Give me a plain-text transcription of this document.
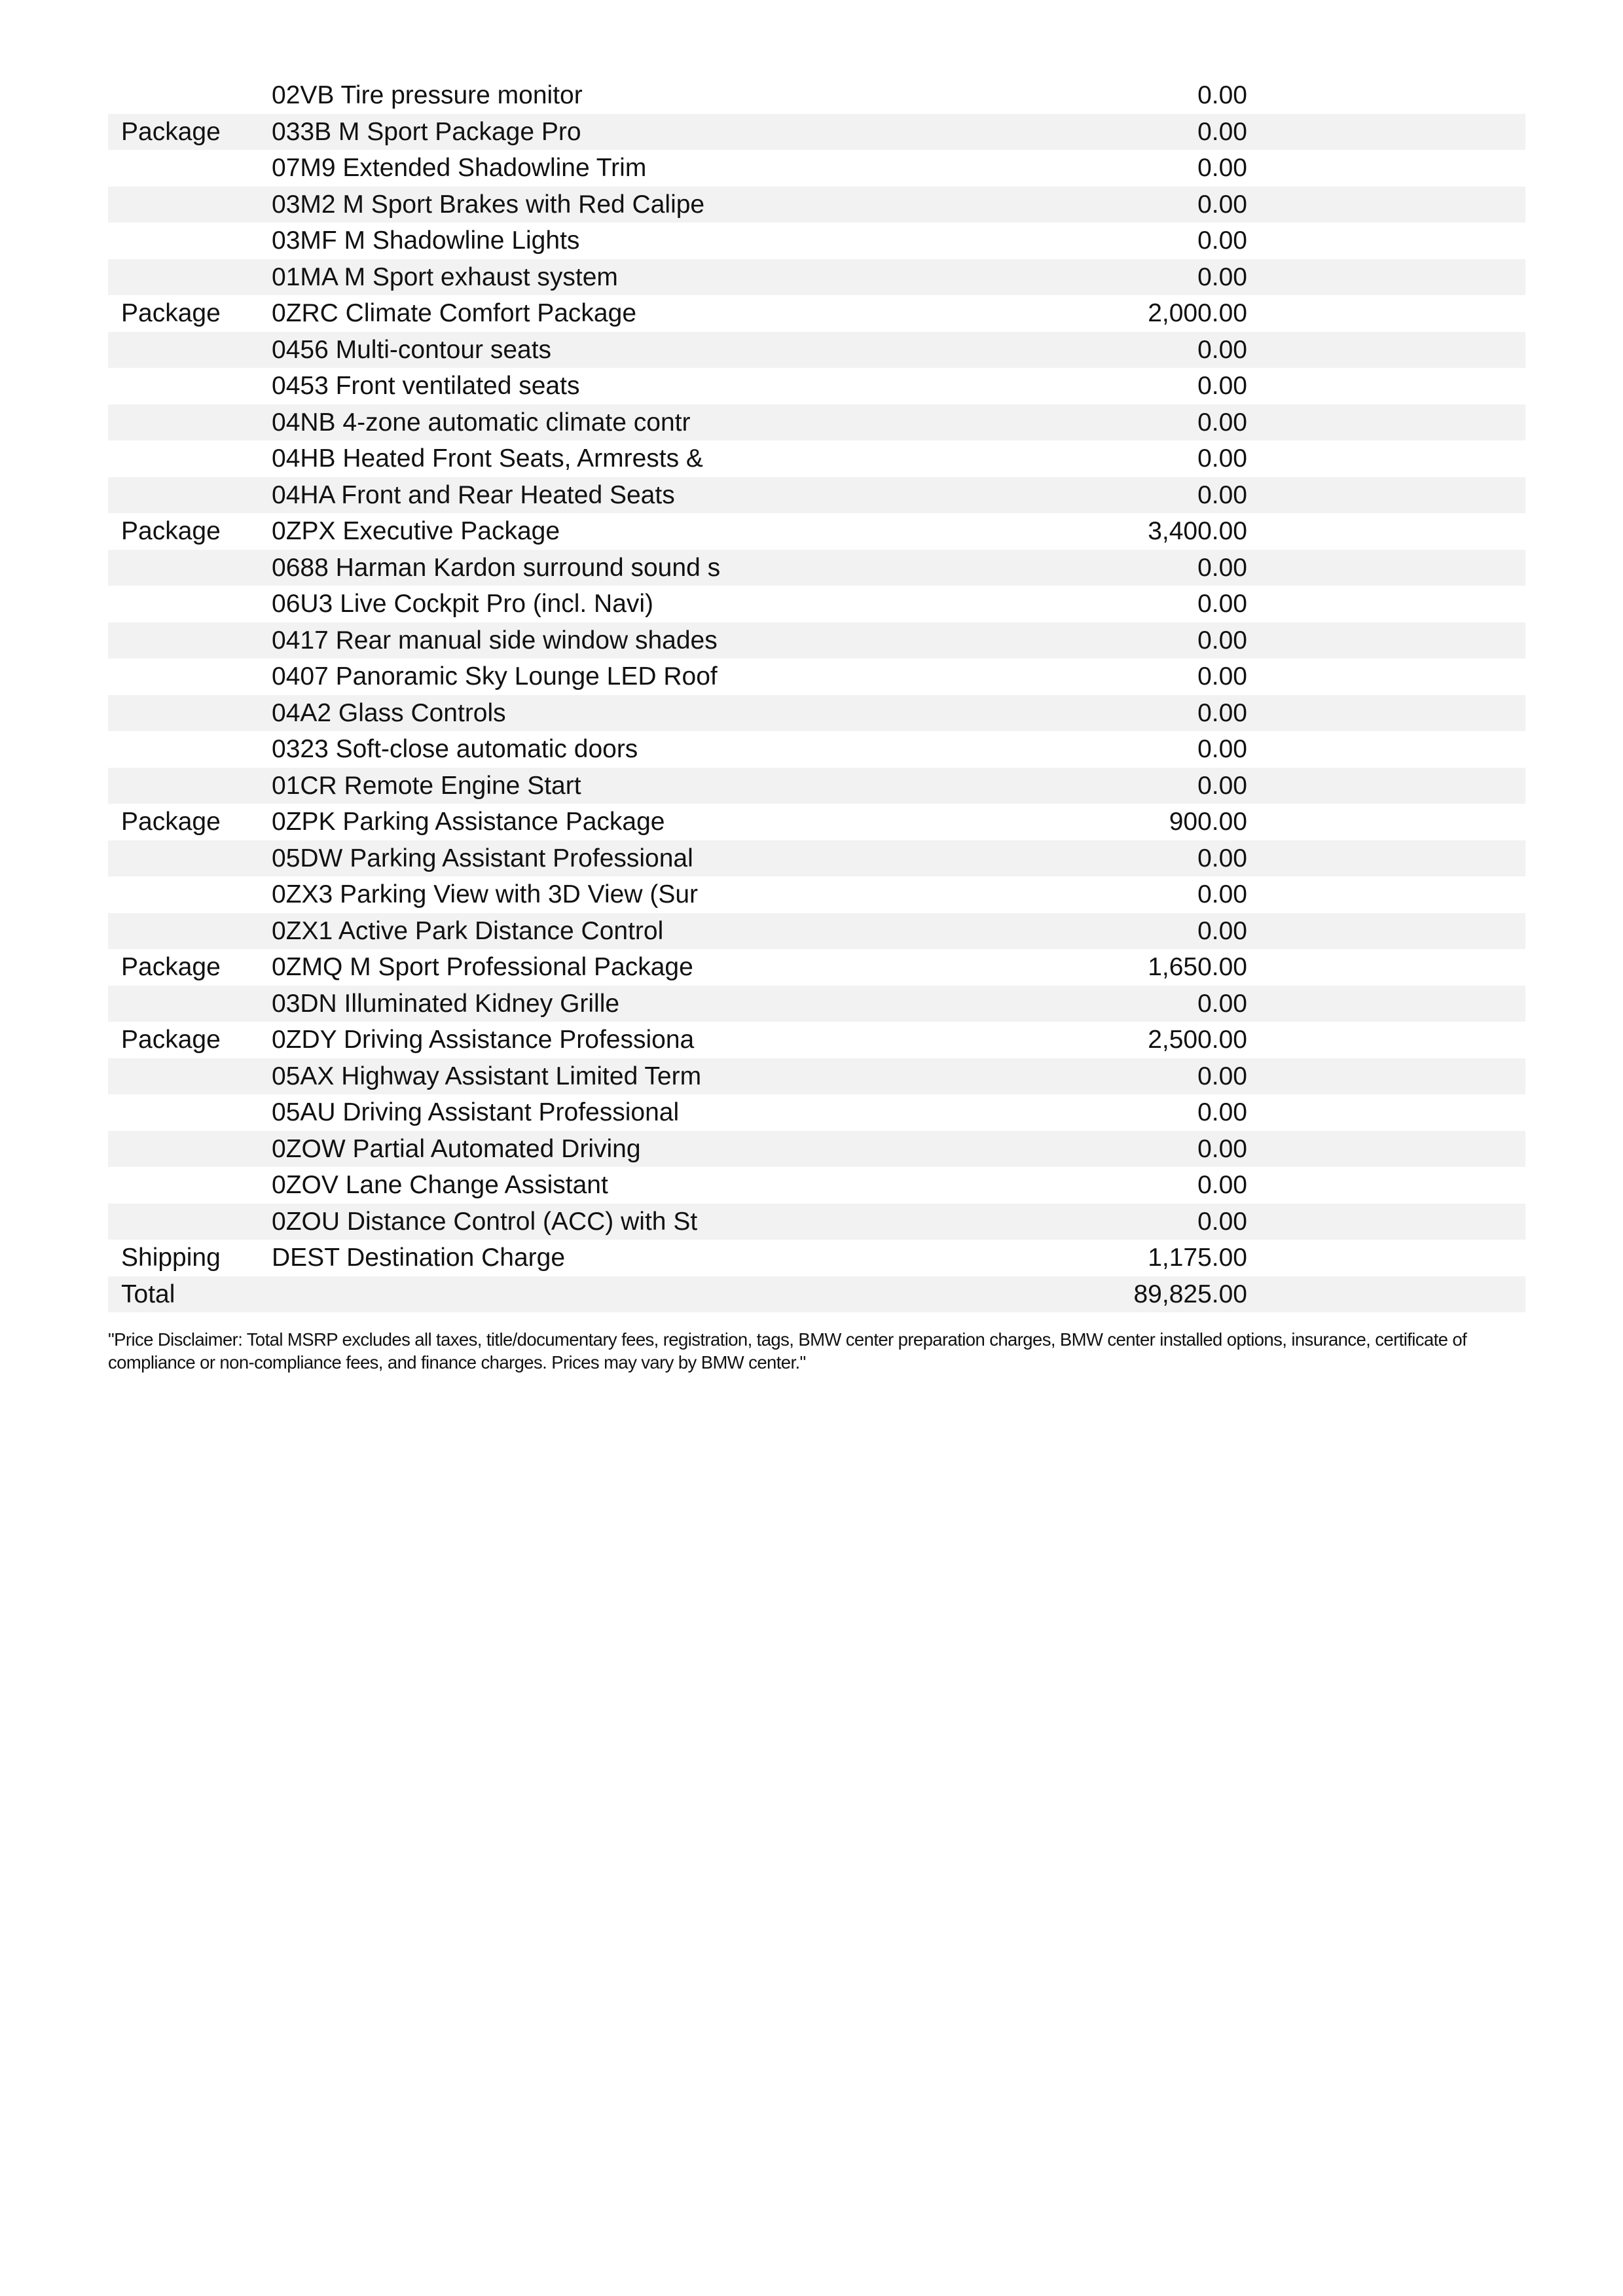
	02VB Tire pressure monitor	0.00	
Package	033B M Sport Package Pro	0.00	
	07M9 Extended Shadowline Trim	0.00	
	03M2 M Sport Brakes with Red Calipe	0.00	
	03MF M Shadowline Lights	0.00	
	01MA M Sport exhaust system	0.00	
Package	0ZRC Climate Comfort Package	2,000.00	
	0456 Multi-contour seats	0.00	
	0453 Front ventilated seats	0.00	
	04NB 4-zone automatic climate contr	0.00	
	04HB Heated Front Seats, Armrests &	0.00	
	04HA Front and Rear Heated Seats	0.00	
Package	0ZPX Executive Package	3,400.00	
	0688 Harman Kardon surround sound s	0.00	
	06U3 Live Cockpit Pro (incl. Navi)	0.00	
	0417 Rear manual side window shades	0.00	
	0407 Panoramic Sky Lounge LED Roof	0.00	
	04A2 Glass Controls	0.00	
	0323 Soft-close automatic doors	0.00	
	01CR Remote Engine Start	0.00	
Package	0ZPK Parking Assistance Package	900.00	
	05DW Parking Assistant Professional	0.00	
	0ZX3 Parking View with 3D View (Sur	0.00	
	0ZX1 Active Park Distance Control	0.00	
Package	0ZMQ M Sport Professional Package	1,650.00	
	03DN Illuminated Kidney Grille	0.00	
Package	0ZDY Driving Assistance Professiona	2,500.00	
	05AX Highway Assistant Limited Term	0.00	
	05AU Driving Assistant Professional	0.00	
	0ZOW Partial Automated Driving	0.00	
	0ZOV Lane Change Assistant	0.00	
	0ZOU Distance Control (ACC) with St	0.00	
Shipping	DEST Destination Charge	1,175.00	
Total		89,825.00	

"Price Disclaimer: Total MSRP excludes all taxes, title/documentary fees, registration, tags, BMW center preparation charges, BMW center installed options, insurance, certificate of compliance or non-compliance fees, and finance charges. Prices may vary by BMW center."
